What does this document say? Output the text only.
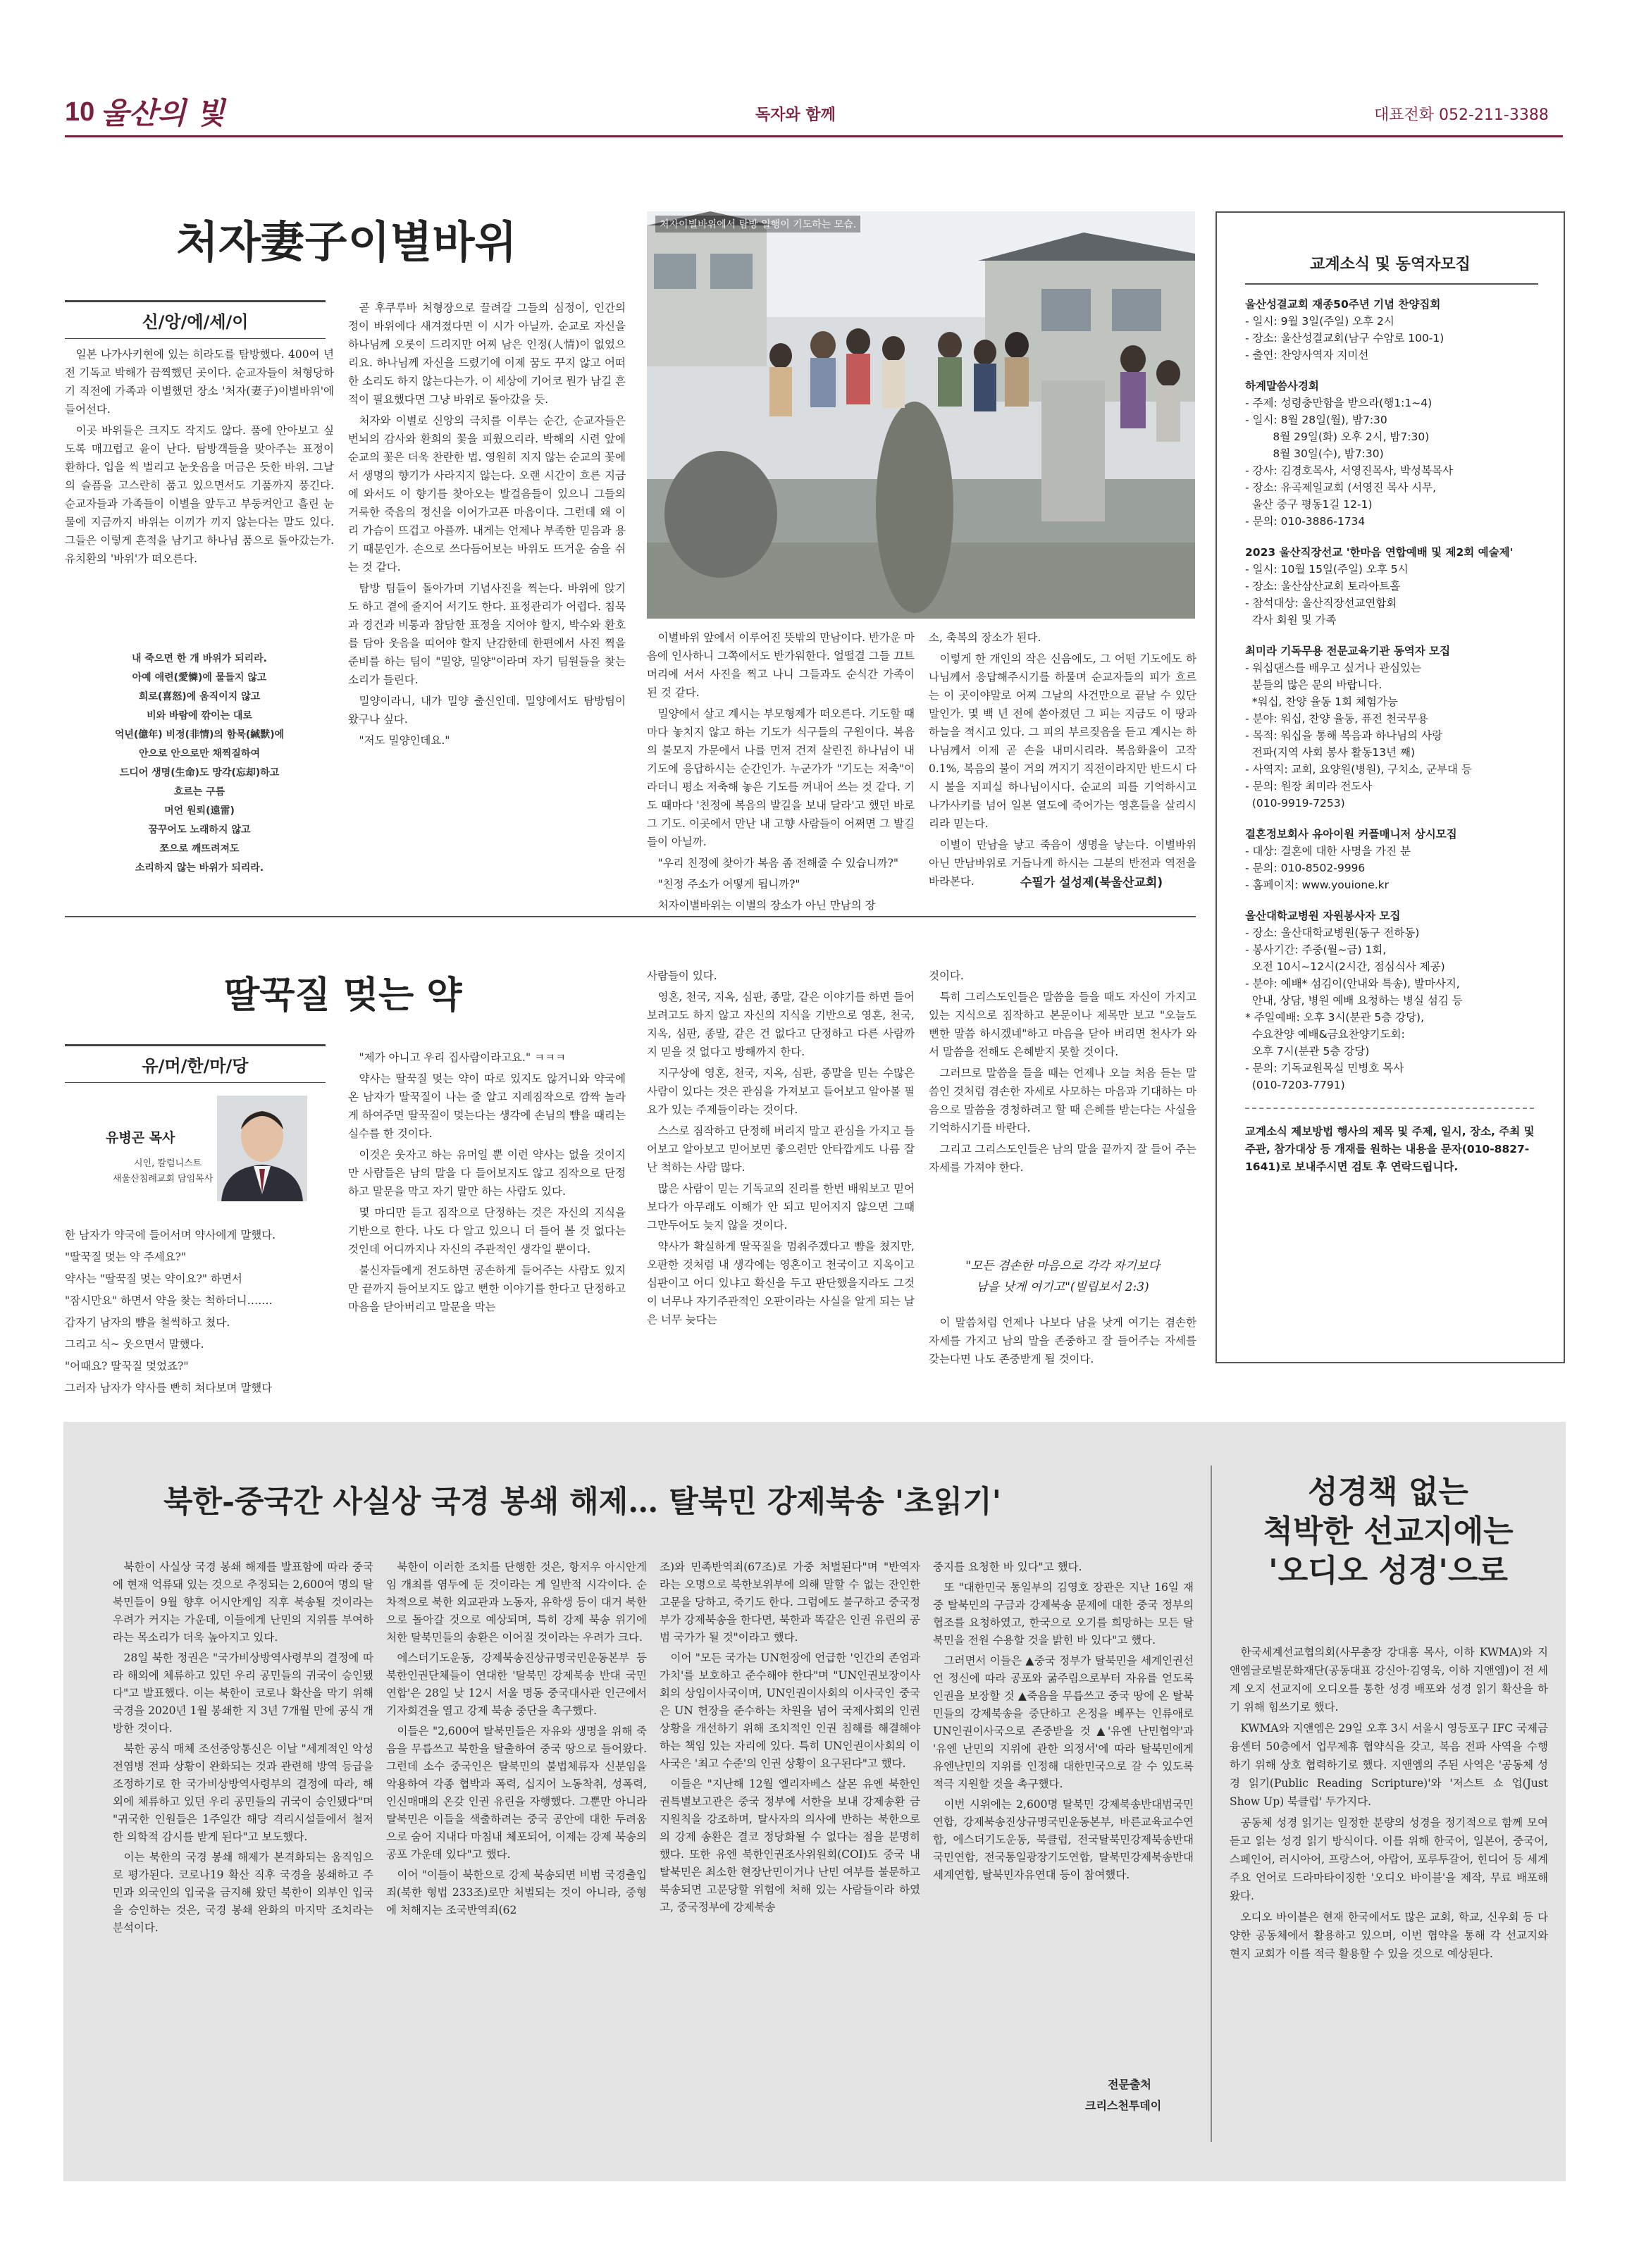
10 울산의 빛	독자와 함께	대표전화 052-211-3388
처자妻子이별바위
신/앙/에/세/이

일본 나가사키현에 있는 히라도를 탐방했다. 400여 년 전 기독교 박해가 끔찍했던 곳이다. 순교자들이 처형당하기 직전에 가족과 이별했던 장소 '처자(妻子)이별바위'에 들어선다.

이곳 바위들은 크지도 작지도 않다. 품에 안아보고 싶도록 매끄럽고 윤이 난다. 탐방객들을 맞아주는 표정이 환하다. 입을 씩 벌리고 눈웃음을 머금은 듯한 바위. 그날의 슬픔을 고스란히 품고 있으면서도 기품까지 풍긴다. 순교자들과 가족들이 이별을 앞두고 부둥켜안고 흘린 눈물에 지금까지 바위는 이끼가 끼지 않는다는 말도 있다. 그들은 이렇게 흔적을 남기고 하나님 품으로 돌아갔는가. 유치환의 '바위'가 떠오른다.

내 죽으면 한 개 바위가 되리라.
아예 애련(愛憐)에 물들지 않고
희로(喜怒)에 움직이지 않고
비와 바람에 깎이는 대로
억년(億年) 비정(非情)의 함묵(緘默)에
안으로 안으로만 채찍질하여
드디어 생명(生命)도 망각(忘却)하고
흐르는 구름
머언 원뢰(遠雷)
꿈꾸어도 노래하지 않고
쪼으로 깨뜨려져도
소리하지 않는 바위가 되리라.

곧 후쿠루바 처형장으로 끌려갈 그들의 심정이, 인간의 정이 바위에다 새겨졌다면 이 시가 아닐까. 순교로 자신을 하나님께 오롯이 드리지만 어찌 남은 인정(人情)이 없었으리요. 하나님께 자신을 드렸기에 이제 꿈도 꾸지 않고 어떠한 소리도 하지 않는다는가. 이 세상에 기어코 뭔가 남길 흔적이 필요했다면 그냥 바위로 돌아갔을 듯.

처자와 이별로 신앙의 극치를 이루는 순간, 순교자들은 번뇌의 감사와 환희의 꽃을 피웠으리라. 박해의 시련 앞에 순교의 꽃은 더욱 찬란한 법. 영원히 지지 않는 순교의 꽃에서 생명의 향기가 사라지지 않는다. 오랜 시간이 흐른 지금에 와서도 이 향기를 찾아오는 발걸음들이 있으니 그들의 거룩한 죽음의 정신을 이어가고픈 마음이다. 그런데 왜 이리 가슴이 뜨겁고 아플까. 내게는 언제나 부족한 믿음과 용기 때문인가. 손으로 쓰다듬어보는 바위도 뜨거운 숨을 쉬는 것 같다.

탐방 팀들이 돌아가며 기념사진을 찍는다. 바위에 앉기도 하고 곁에 줄지어 서기도 한다. 표정관리가 어렵다. 침묵과 경건과 비통과 참담한 표정을 지어야 할지, 박수와 환호를 담아 웃음을 띠어야 할지 난감한데 한편에서 사진 찍을 준비를 하는 팀이 "밀양, 밀양"이라며 자기 팀원들을 찾는 소리가 들린다.

밀양이라니, 내가 밀양 출신인데. 밀양에서도 탐방팀이 왔구나 싶다.

"저도 밀양인데요."

처자이별바위에서 탐방 일행이 기도하는 모습.

이별바위 앞에서 이루어진 뜻밖의 만남이다. 반가운 마음에 인사하니 그쪽에서도 반가워한다. 얼떨결 그들 끄트머리에 서서 사진을 찍고 나니 그들과도 순식간 가족이 된 것 같다.

밀양에서 살고 계시는 부모형제가 떠오른다. 기도할 때마다 놓치지 않고 하는 기도가 식구들의 구원이다. 복음의 불모지 가문에서 나를 먼저 건져 살린진 하나님이 내 기도에 응답하시는 순간인가. 누군가가 "기도는 저축"이라더니 평소 저축해 놓은 기도를 꺼내어 쓰는 것 같다. 기도 때마다 '친정에 복음의 발길을 보내 달라'고 했던 바로 그 기도. 이곳에서 만난 내 고향 사람들이 어쩌면 그 발길들이 아닐까.

"우리 친정에 찾아가 복음 좀 전해줄 수 있습니까?"

"친정 주소가 어떻게 됩니까?"

처자이별바위는 이별의 장소가 아닌 만남의 장

소, 축복의 장소가 된다.

이렇게 한 개인의 작은 신음에도, 그 어떤 기도에도 하나님께서 응답해주시기를 하물며 순교자들의 피가 흐르는 이 곳이야말로 어찌 그날의 사건만으로 끝날 수 있단 말인가. 몇 백 년 전에 쏟아졌던 그 피는 지금도 이 땅과 하늘을 적시고 있다. 그 피의 부르짖음을 듣고 계시는 하나님께서 이제 곧 손을 내미시리라. 복음화율이 고작 0.1%, 복음의 불이 거의 꺼지기 직전이라지만 반드시 다시 불을 지피실 하나님이시다. 순교의 피를 기억하시고 나가사키를 넘어 일본 열도에 죽어가는 영혼들을 살리시리라 믿는다.

이별이 만남을 낳고 죽음이 생명을 낳는다. 이별바위 아닌 만남바위로 거듭나게 하시는 그분의 반전과 역전을 바라본다.	수필가 설성제(북울산교회)
딸꾹질 멎는 약
유/머/한/마/당
유병곤 목사
시인, 칼럼니스트
새울산침례교회 담임목사

한 남자가 약국에 들어서며 약사에게 말했다.

"딸꾹질 멎는 약 주세요?"

약사는 "딸꾹질 멎는 약이요?" 하면서

"잠시만요" 하면서 약을 찾는 척하더니…….

갑자기 남자의 뺨을 철썩하고 쳤다.

그리고 식~ 웃으면서 말했다.

"어때요? 딸꾹질 멎었죠?"

그러자 남자가 약사를 빤히 쳐다보며 말했다

"제가 아니고 우리 집사람이라고요." ㅋㅋㅋ

약사는 딸꾹질 멎는 약이 따로 있지도 않거니와 약국에 온 남자가 딸꾹질이 나는 줄 알고 지레짐작으로 깜짝 놀라게 하여주면 딸꾹질이 멎는다는 생각에 손님의 뺨을 때리는 실수를 한 것이다.

이것은 웃자고 하는 유머일 뿐 이런 약사는 없을 것이지만 사람들은 남의 말을 다 들어보지도 않고 짐작으로 단정하고 말문을 막고 자기 말만 하는 사람도 있다.

몇 마디만 듣고 짐작으로 단정하는 것은 자신의 지식을 기반으로 한다. 나도 다 알고 있으니 더 들어 볼 것 없다는 것인데 어디까지나 자신의 주관적인 생각일 뿐이다.

불신자들에게 전도하면 공손하게 들어주는 사람도 있지만 끝까지 들어보지도 않고 뻔한 이야기를 한다고 단정하고 마음을 닫아버리고 말문을 막는

사람들이 있다.

영혼, 천국, 지옥, 심판, 종말, 같은 이야기를 하면 들어보려고도 하지 않고 자신의 지식을 기반으로 영혼, 천국, 지옥, 심판, 종말, 같은 건 없다고 단정하고 다른 사람까지 믿을 것 없다고 방해까지 한다.

지구상에 영혼, 천국, 지옥, 심판, 종말을 믿는 수많은 사람이 있다는 것은 관심을 가져보고 들어보고 알아볼 필요가 있는 주제들이라는 것이다.

스스로 짐작하고 단정해 버리지 말고 관심을 가지고 들어보고 알아보고 믿어보면 좋으련만 안타깝게도 나름 잘난 척하는 사람 많다.

많은 사람이 믿는 기독교의 진리를 한번 배워보고 믿어보다가 아무래도 이해가 안 되고 믿어지지 않으면 그때 그만두어도 늦지 않을 것이다.

약사가 확실하게 딸꾹질을 멈춰주겠다고 뺨을 쳤지만, 오판한 것처럼 내 생각에는 영혼이고 천국이고 지옥이고 심판이고 어디 있냐고 확신을 두고 판단했을지라도 그것이 너무나 자기주관적인 오판이라는 사실을 알게 되는 날은 너무 늦다는

것이다.

특히 그리스도인들은 말씀을 들을 때도 자신이 가지고 있는 지식으로 짐작하고 본문이나 제목만 보고 "오늘도 뻔한 말씀 하시겠네"하고 마음을 닫아 버리면 천사가 와서 말씀을 전해도 은혜받지 못할 것이다.

그러므로 말씀을 들을 때는 언제나 오늘 처음 듣는 말씀인 것처럼 겸손한 자세로 사모하는 마음과 기대하는 마음으로 말씀을 경청하려고 할 때 은혜를 받는다는 사실을 기억하시기를 바란다.

그리고 그리스도인들은 남의 말을 끝까지 잘 들어 주는 자세를 가져야 한다.

"모든 겸손한 마음으로 각각 자기보다
남을 낫게 여기고"(빌립보서 2:3)

이 말씀처럼 언제나 나보다 남을 낫게 여기는 겸손한 자세를 가지고 남의 말을 존중하고 잘 들어주는 자세를 갖는다면 나도 존중받게 될 것이다.

교계소식 및 동역자모집
울산성결교회 재종50주년 기념 찬양집회
- 일시: 9월 3일(주일) 오후 2시
- 장소: 울산성결교회(남구 수암로 100-1)
- 출연: 찬양사역자 지미선
하계말씀사경회
- 주제: 성령충만함을 받으라(행1:1~4)
- 일시: 8월 28일(월), 밤7:30
8월 29일(화) 오후 2시, 밤7:30)
8월 30일(수), 밤7:30)
- 강사: 김경호목사, 서영진목사, 박성복목사
- 장소: 유곡제일교회 (서영진 목사 시무,
울산 중구 평동1길 12-1)
- 문의: 010-3886-1734
2023 울산직장선교 '한마음 연합예배 및 제2회 예술제'
- 일시: 10월 15일(주일) 오후 5시
- 장소: 울산삼산교회 토라아트홀
- 참석대상: 울산직장선교연합회
각사 회원 및 가족
최미라 기독무용 전문교육기관 동역자 모집
- 워십댄스를 배우고 싶거나 관심있는
분들의 많은 문의 바랍니다.
*워십, 찬양 율동 1회 체험가능
- 분야: 워십, 찬양 율동, 퓨전 천국무용
- 목적: 워십을 통해 복음과 하나님의 사랑
전파(지역 사회 봉사 활동13년 째)
- 사역지: 교회, 요양원(병원), 구치소, 군부대 등
- 문의: 원장 최미라 전도사
(010-9919-7253)
결혼정보회사 유아이원 커플매니저 상시모집
- 대상: 결혼에 대한 사명을 가진 분
- 문의: 010-8502-9996
- 홈페이지: www.youione.kr
울산대학교병원 자원봉사자 모집
- 장소: 울산대학교병원(동구 전하동)
- 봉사기간: 주중(월~금) 1회,
오전 10시~12시(2시간, 점심식사 제공)
- 분야: 예배* 섬김이(안내와 특송), 발마사지,
안내, 상담, 병원 예배 요청하는 병실 섬김 등
* 주일예배: 오후 3시(분관 5층 강당),
수요찬양 예배&금요찬양기도회:
오후 7시(분관 5층 강당)
- 문의: 기독교원목실 민병호 목사
(010-7203-7791)
교계소식 제보방법 행사의 제목 및 주제, 일시, 장소, 주최 및 주관, 참가대상 등 개재를 원하는 내용을 문자(010-8827-1641)로 보내주시면 검토 후 연락드립니다.
북한-중국간 사실상 국경 봉쇄 해제… 탈북민 강제북송 '초읽기'

북한이 사실상 국경 봉쇄 해제를 발표함에 따라 중국에 현재 억류돼 있는 것으로 추정되는 2,600여 명의 탈북민들이 9월 향후 어시안게임 직후 북송될 것이라는 우려가 커지는 가운데, 이들에게 난민의 지위를 부여하라는 목소리가 더욱 높아지고 있다.

28일 북한 정권은 "국가비상방역사령부의 결정에 따라 해외에 체류하고 있던 우리 공민들의 귀국이 승인됐다"고 발표했다. 이는 북한이 코로나 확산을 막기 위해 국경을 2020년 1월 봉쇄한 지 3년 7개월 만에 공식 개방한 것이다.

북한 공식 매체 조선중앙통신은 이날 "세계적인 악성 전염병 전파 상황이 완화되는 것과 관련해 방역 등급을 조정하기로 한 국가비상방역사령부의 결정에 따라, 해외에 체류하고 있던 우리 공민들의 귀국이 승인됐다"며 "귀국한 인원들은 1주일간 해당 격리시설들에서 철저한 의학적 감시를 받게 된다"고 보도했다.

이는 북한의 국경 봉쇄 해제가 본격화되는 움직임으로 평가된다. 코로나19 확산 직후 국경을 봉쇄하고 주민과 외국인의 입국을 금지해 왔던 북한이 외부인 입국을 승인하는 것은, 국경 봉쇄 완화의 마지막 조치라는 분석이다.

북한이 이러한 조치를 단행한 것은, 항저우 아시안게임 개최를 염두에 둔 것이라는 게 일반적 시각이다. 순차적으로 북한 외교관과 노동자, 유학생 등이 대거 북한으로 돌아갈 것으로 예상되며, 특히 강제 북송 위기에 처한 탈북민들의 송환은 이어질 것이라는 우려가 크다.

에스더기도운동, 강제북송진상규명국민운동본부 등 북한인권단체들이 연대한 '탈북민 강제북송 반대 국민연합'은 28일 낮 12시 서울 명동 중국대사관 인근에서 기자회견을 열고 강제 북송 중단을 촉구했다.

이들은 "2,600여 탈북민들은 자유와 생명을 위해 죽음을 무릅쓰고 북한을 탈출하여 중국 땅으로 들어왔다. 그런데 소수 중국인은 탈북민의 불법체류자 신분임을 악용하여 각종 협박과 폭력, 십지어 노동착취, 성폭력, 인신매매의 온갖 인권 유린을 자행했다. 그뿐만 아니라 탈북민은 이들을 색출하려는 중국 공안에 대한 두려움으로 숨어 지내다 마침내 체포되어, 이제는 강제 북송의 공포 가운데 있다"고 했다.

이어 "이들이 북한으로 강제 북송되면 비범 국경출입죄(북한 형법 233조)로만 처벌되는 것이 아니라, 중형에 처해지는 조국반역죄(62

조)와 민족반역죄(67조)로 가중 처벌된다"며 "반역자라는 오명으로 북한보위부에 의해 말할 수 없는 잔인한 고문을 당하고, 죽기도 한다. 그럼에도 불구하고 중국정부가 강제북송을 한다면, 북한과 똑같은 인권 유린의 공범 국가가 될 것"이라고 했다.

이어 "모든 국가는 UN헌장에 언급한 '인간의 존엄과 가치'를 보호하고 준수해야 한다"며 "UN인권보장이사회의 상임이사국이며, UN인권이사회의 이사국인 중국은 UN 헌장을 준수하는 차원을 넘어 국제사회의 인권 상황을 개선하기 위해 조치적인 인권 침해를 해결해야 하는 책임 있는 자리에 있다. 특히 UN인권이사회의 이사국은 '최고 수준'의 인권 상황이 요구된다"고 했다.

이들은 "지난해 12월 엘리자베스 살몬 유엔 북한인권특별보고관은 중국 정부에 서한을 보내 강제송환 금지원칙을 강조하며, 탈사자의 의사에 반하는 북한으로의 강제 송환은 결코 정당화될 수 없다는 점을 분명히 했다. 또한 유엔 북한인권조사위원회(COI)도 중국 내 탈북민은 최소한 현장난민이거나 난민 여부를 불문하고 북송되면 고문당할 위험에 처해 있는 사람들이라 하였고, 중국정부에 강제북송

중지를 요청한 바 있다"고 했다.

또 "대한민국 통일부의 김영호 장관은 지난 16일 재중 탈북민의 구금과 강제북송 문제에 대한 중국 정부의 협조를 요청하였고, 한국으로 오기를 희망하는 모든 탈북민을 전원 수용할 것을 밝힌 바 있다"고 했다.

그러면서 이들은 ▲중국 정부가 탈북민을 세계인권선언 정신에 따라 공포와 굶주림으로부터 자유를 얻도록 인권을 보장할 것 ▲죽음을 무릅쓰고 중국 땅에 온 탈북민들의 강제북송을 중단하고 온정을 베푸는 인류애로 UN인권이사국으로 존중받을 것 ▲'유엔 난민협약'과 '유엔 난민의 지위에 관한 의정서'에 따라 탈북민에게 유엔난민의 지위를 인정해 대한민국으로 갈 수 있도록 적극 지원할 것을 촉구했다.

이번 시위에는 2,600명 탈북민 강제북송반대범국민연합, 강제북송진상규명국민운동본부, 바른교육교수연합, 에스더기도운동, 북클럽, 전국탈북민강제북송반대국민연합, 전국통일광장기도연합, 탈북민강제북송반대세계연합, 탈북민자유연대 등이 참여했다.

전문출처
크리스천투데이
성경책 없는
척박한 선교지에는
'오디오 성경'으로

한국세계선교협의회(사무총장 강대흥 목사, 이하 KWMA)와 지앤엠글로벌문화재단(공동대표 강신아·김영욱, 이하 지앤엠)이 전 세계 오지 선교지에 오디오를 통한 성경 배포와 성경 읽기 확산을 하기 위해 힘쓰기로 했다.

KWMA와 지앤엠은 29일 오후 3시 서울시 영등포구 IFC 국제금융센터 50층에서 업무제휴 협약식을 갖고, 복음 전파 사역을 수행하기 위해 상호 협력하기로 했다. 지앤엠의 주된 사역은 '공동체 성경 읽기(Public Reading Scripture)'와 '저스트 쇼 업(Just Show Up) 북클럽' 두가지다.

공동체 성경 읽기는 일정한 분량의 성경을 정기적으로 함께 모여 듣고 읽는 성경 읽기 방식이다. 이를 위해 한국어, 일본어, 중국어, 스페인어, 러시아어, 프랑스어, 아랍어, 포루투갈어, 힌디어 등 세계 주요 언어로 드라마타이징한 '오디오 바이블'을 제작, 무료 배포해 왔다.

오디오 바이블은 현재 한국에서도 많은 교회, 학교, 신우회 등 다양한 공동체에서 활용하고 있으며, 이번 협약을 통해 각 선교지와 현지 교회가 이를 적극 활용할 수 있을 것으로 예상된다.
